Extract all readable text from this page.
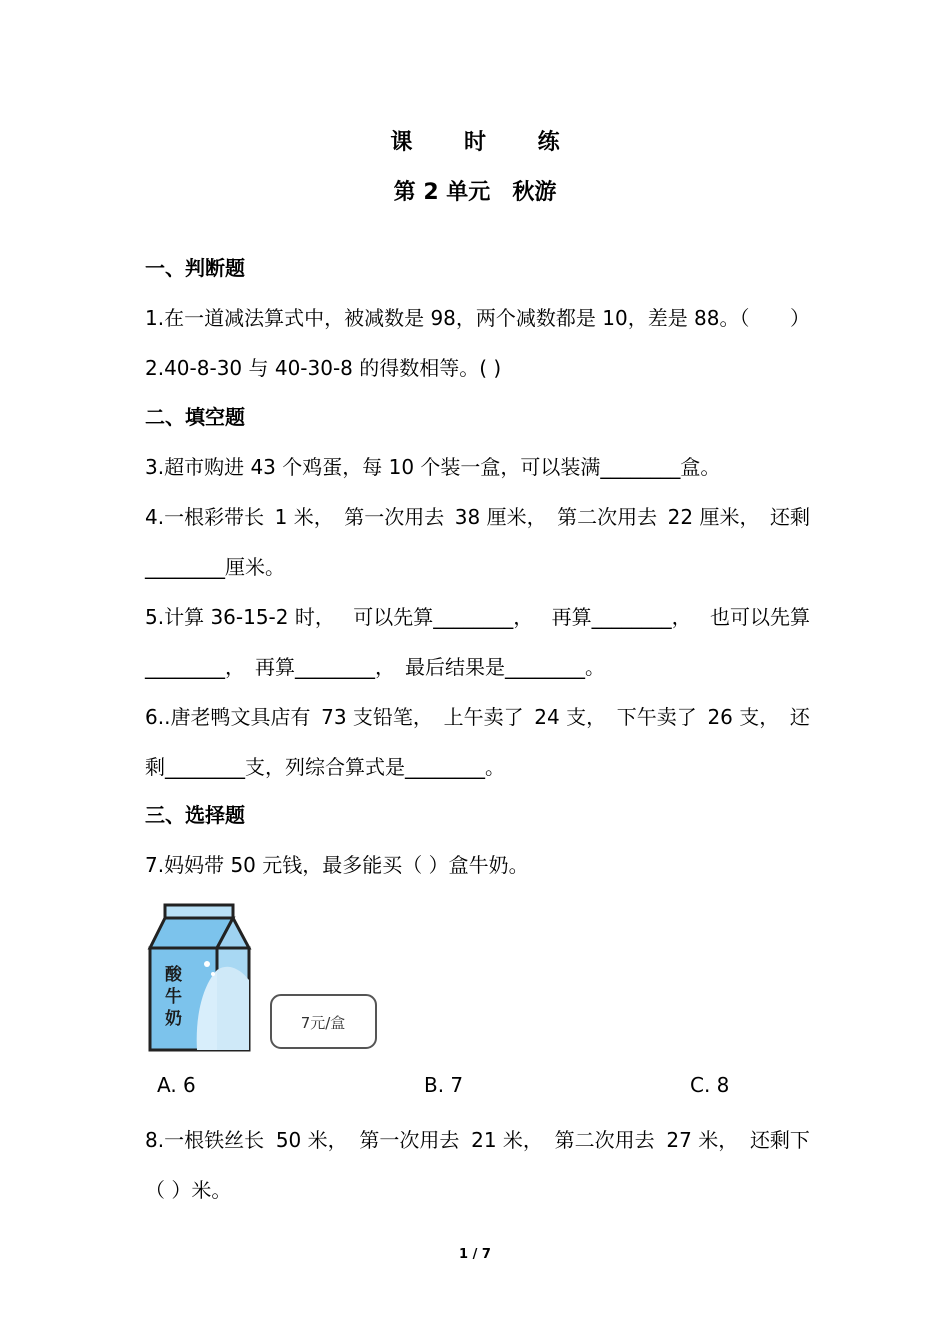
课 时 练
第 2 单元 秋游
一、判断题
1.在一道减法算式中，被减数是 98，两个减数都是 10，差是 88。（ ）
2.40-8-30 与 40-30-8 的得数相等。( )
二、填空题
3.超市购进 43 个鸡蛋，每 10 个装一盒，可以装满________盒。
4.一根彩带长 1 米， 第一次用去 38 厘米， 第二次用去 22 厘米， 还剩
________厘米。
5.计算 36-15-2 时， 可以先算________， 再算________， 也可以先算
________， 再算________， 最后结果是________。
6..唐老鸭文具店有 73 支铅笔， 上午卖了 24 支， 下午卖了 26 支， 还
剩________支，列综合算式是________。
三、选择题
7.妈妈带 50 元钱，最多能买（ ）盒牛奶。
酸
牛
奶	7元/盒
A. 6	B. 7	C. 8
8.一根铁丝长 50 米， 第一次用去 21 米， 第二次用去 27 米， 还剩下
（ ）米。
1 / 7
